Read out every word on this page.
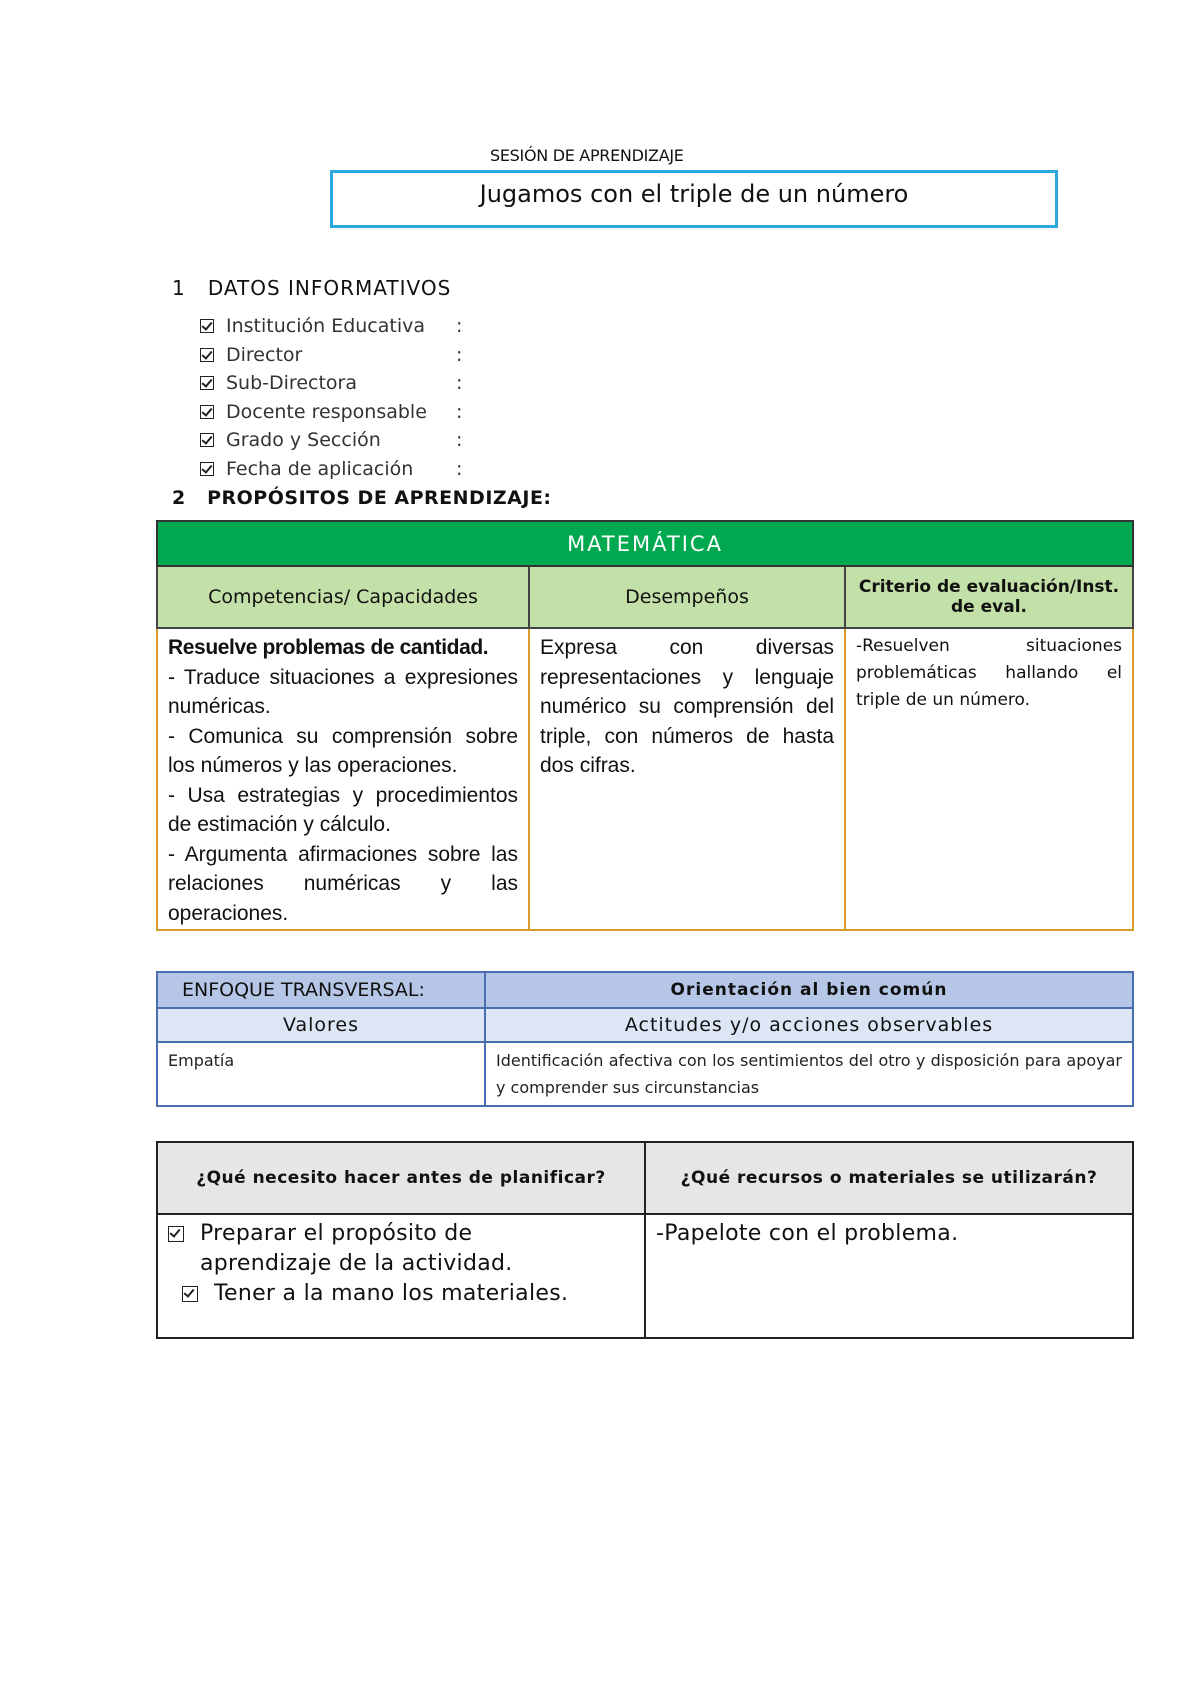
SESIÓN DE APRENDIZAJE
Jugamos con el triple de un número
1 DATOS INFORMATIVOS
Institución Educativa	:
Director	:
Sub-Directora	:
Docente responsable	:
Grado y Sección	:
Fecha de aplicación	:
2 PROPÓSITOS DE APRENDIZAJE:
MATEMÁTICA		
Competencias/ Capacidades	Desempeños	Criterio de evaluación/Inst. de eval.

Resuelve problemas de cantidad.

- Traduce situaciones a expresiones numéricas.

- Comunica su comprensión sobre los números y las operaciones.

- Usa estrategias y procedimientos de estimación y cálculo.

- Argumenta afirmaciones sobre las relaciones numéricas y las operaciones.	Expresa con diversas representaciones y lenguaje numérico su comprensión del triple, con números de hasta dos cifras.	-Resuelven situaciones problemáticas hallando el triple de un número.
ENFOQUE TRANSVERSAL:	Orientación al bien común
Valores	Actitudes y/o acciones observables
Empatía	Identificación afectiva con los sentimientos del otro y disposición para apoyar y comprender sus circunstancias
¿Qué necesito hacer antes de planificar?	¿Qué recursos o materiales se utilizarán?

Preparar el propósito de
aprendizaje de la actividad.
Tener a la mano los materiales.	-Papelote con el problema.
